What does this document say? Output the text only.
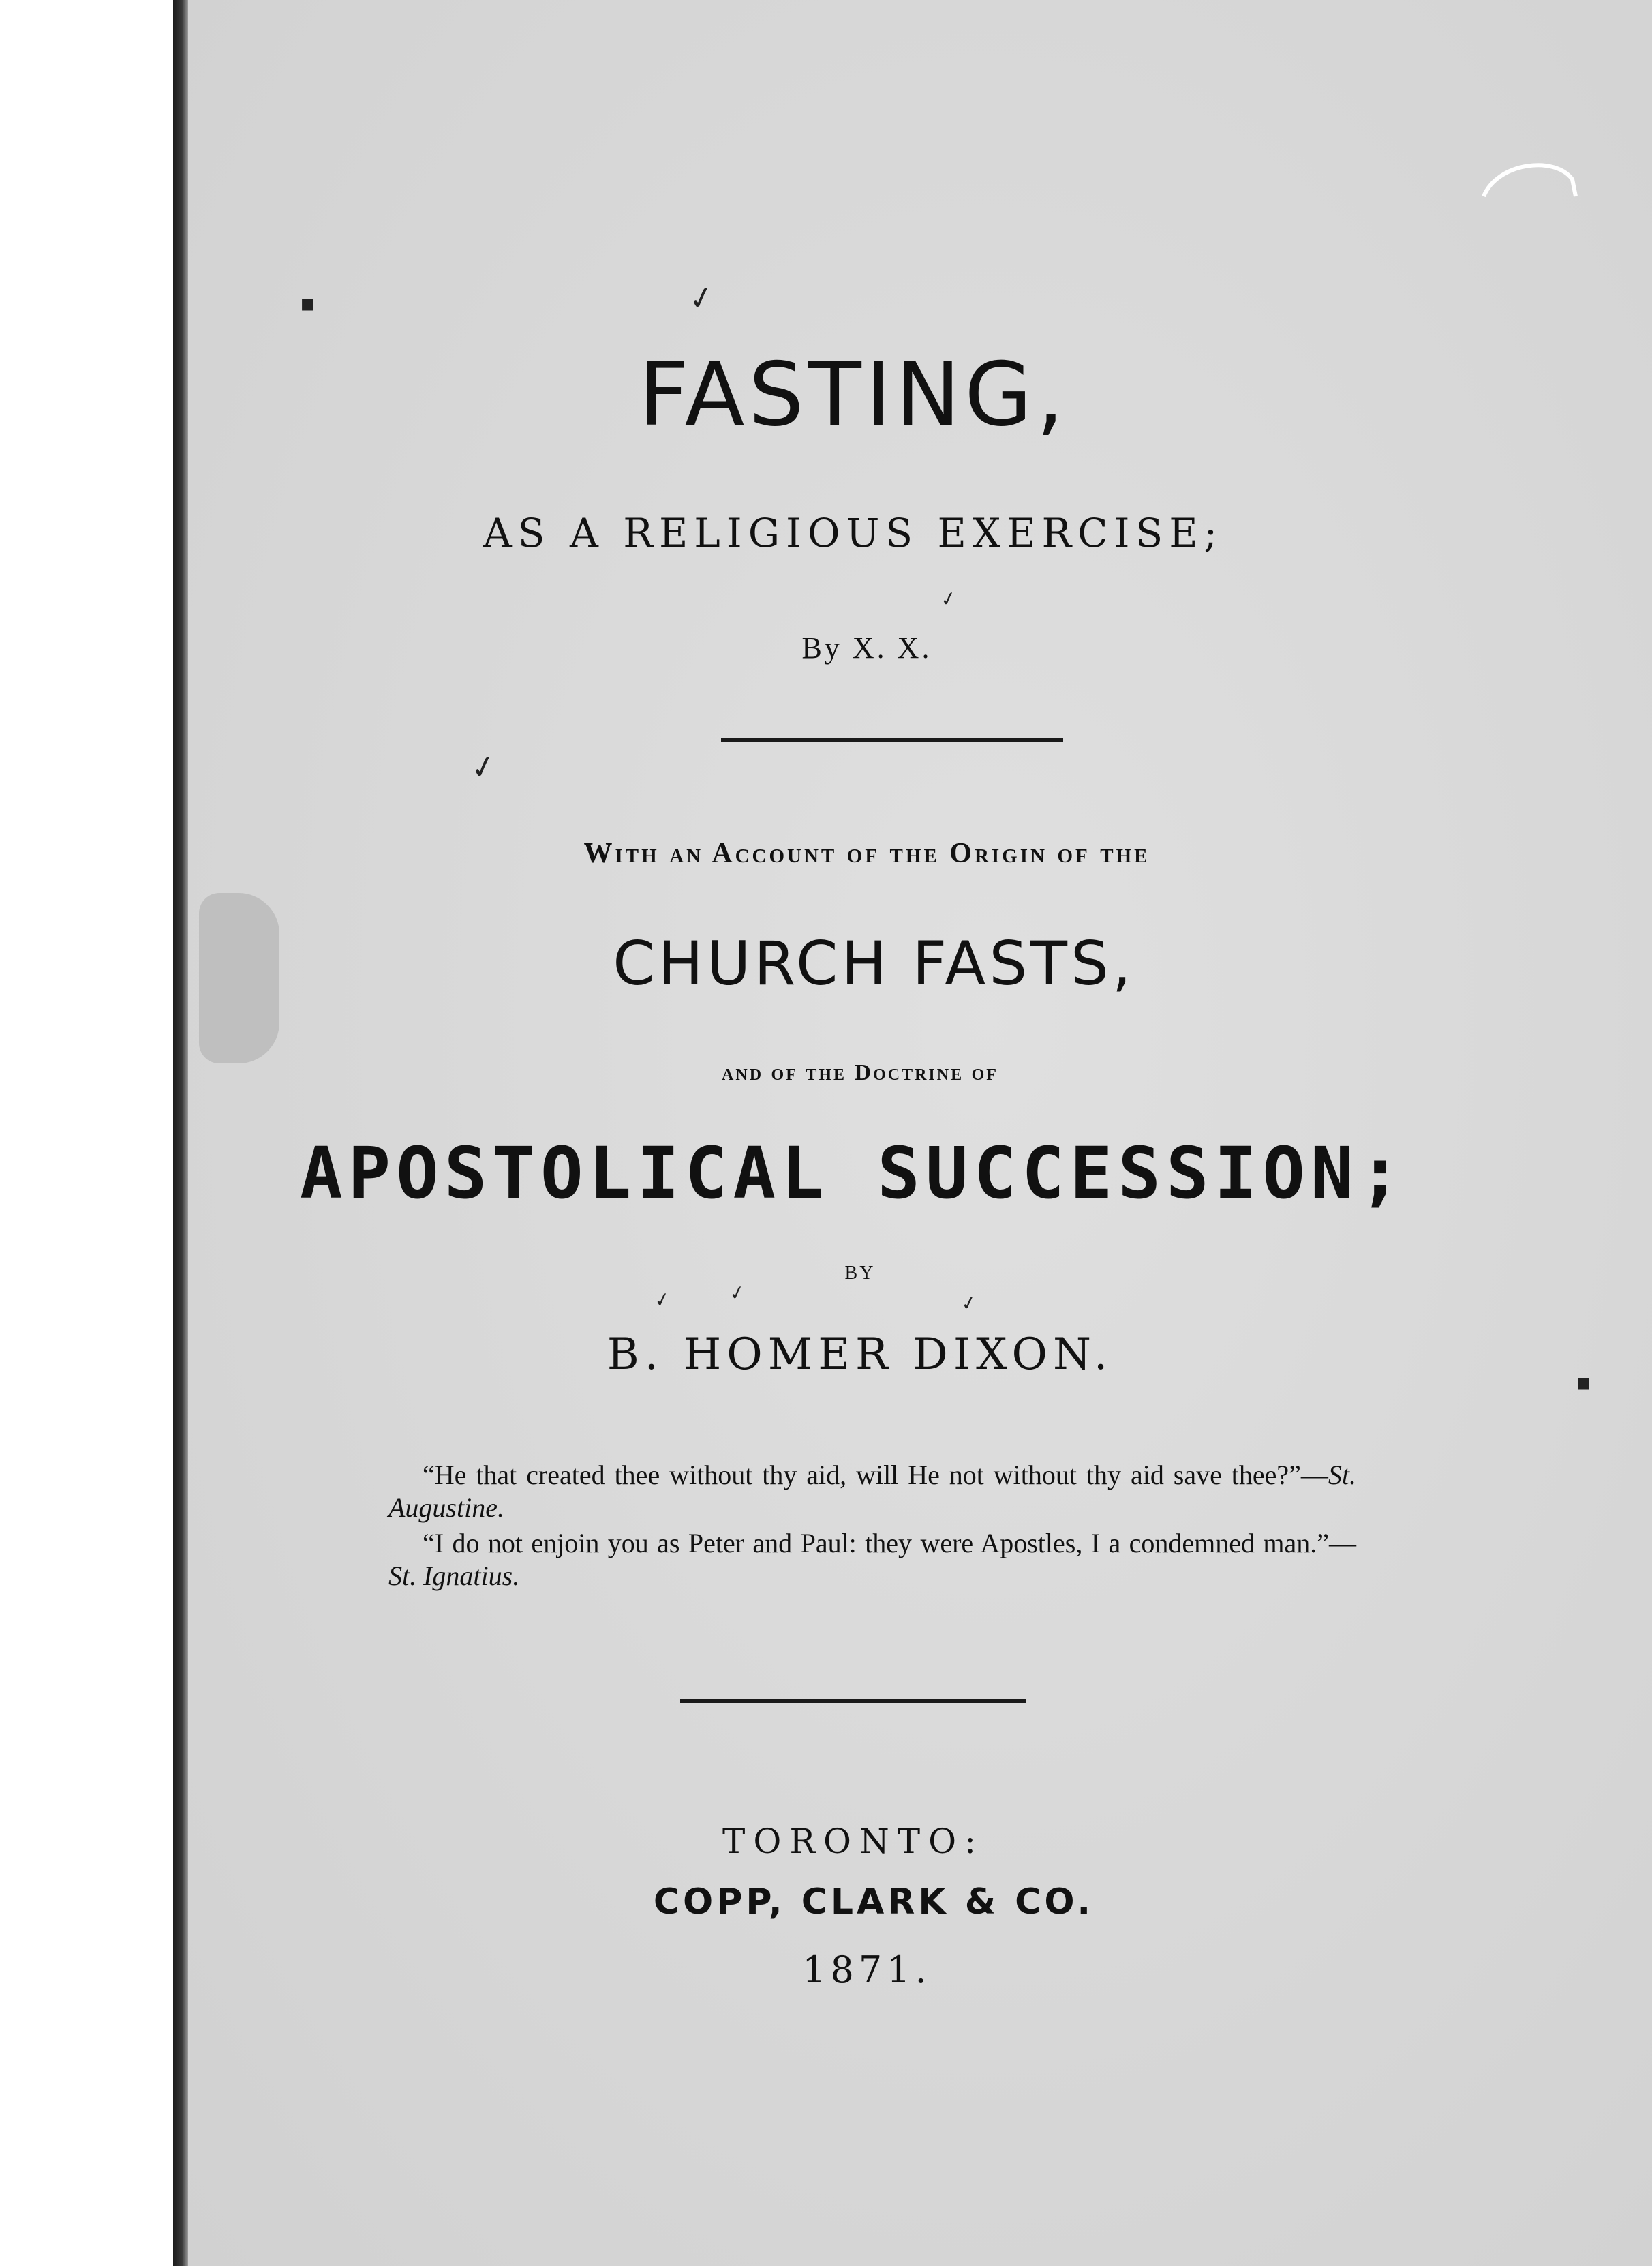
✓
✓
✓
✓	✓	✓
▪
▪

FASTING,

AS A RELIGIOUS EXERCISE;

By X. X.

With an Account of the Origin of the

CHURCH FASTS,

and of the Doctrine of

APOSTOLICAL SUCCESSION;

BY

B. HOMER DIXON.

“He that created thee without thy aid, will He not without thy aid save thee?”—St. Augustine.

“I do not enjoin you as Peter and Paul: they were Apostles, I a condemned man.”—St. Ignatius.

TORONTO:

COPP, CLARK & CO.

1871.
